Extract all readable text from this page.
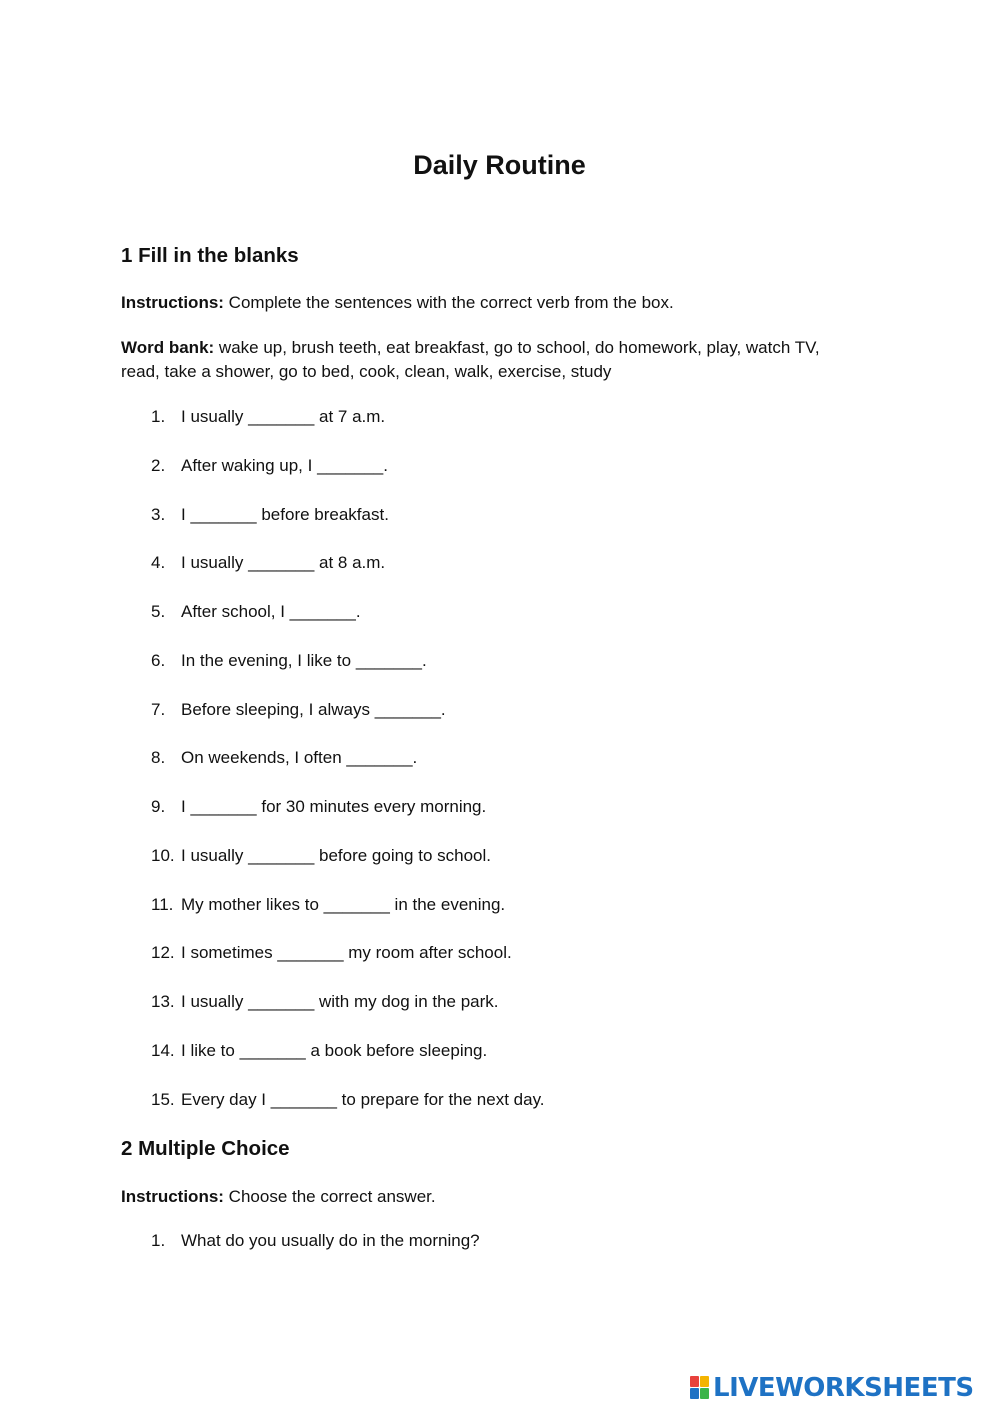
Daily Routine
1 Fill in the blanks

Instructions: Complete the sentences with the correct verb from the box.

Word bank: wake up, brush teeth, eat breakfast, go to school, do homework, play, watch TV, read, take a shower, go to bed, cook, clean, walk, exercise, study

1. I usually _______ at 7 a.m.
2. After waking up, I _______.
3. I _______ before breakfast.
4. I usually _______ at 8 a.m.
5. After school, I _______.
6. In the evening, I like to _______.
7. Before sleeping, I always _______.
8. On weekends, I often _______.
9. I _______ for 30 minutes every morning.
10. I usually _______ before going to school.
11. My mother likes to _______ in the evening.
12. I sometimes _______ my room after school.
13. I usually _______ with my dog in the park.
14. I like to _______ a book before sleeping.
15. Every day I _______ to prepare for the next day.
2 Multiple Choice

Instructions: Choose the correct answer.

1. What do you usually do in the morning?
LIVEWORKSHEETS
